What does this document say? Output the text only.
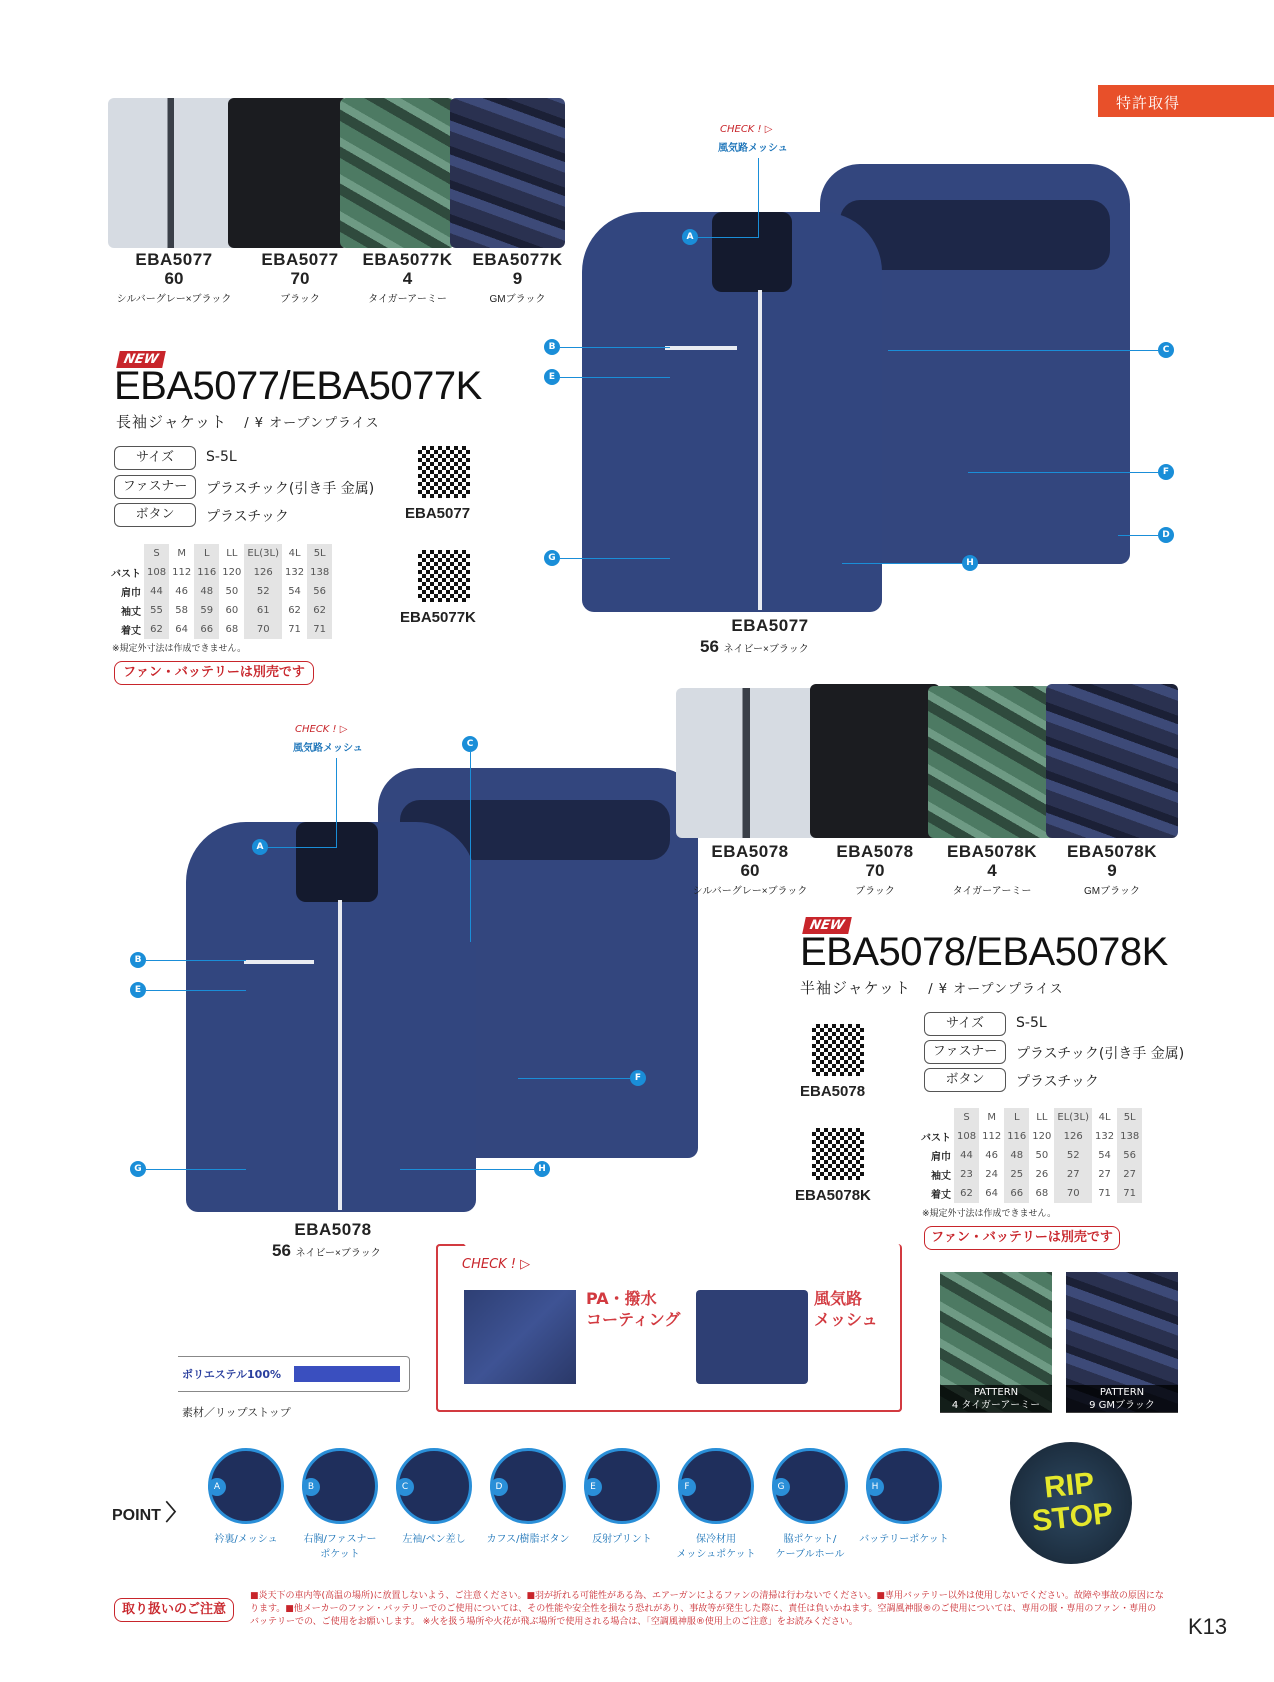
特許取得
EBA5077
60
シルバーグレー×ブラック
EBA5077
70
ブラック
EBA5077K
4
タイガーアーミー
EBA5077K
9
GMブラック
NEW
EBA5077/EBA5077K
長袖ジャケット / ¥ オープンプライス
サイズ	S-5L
ファスナー	プラスチック(引き手 金属)
ボタン	プラスチック	EBA5077
EBA5077K
	S	M	L	LL	EL(3L)	4L	5L
バスト	108	112	116	120	126	132	138
肩巾	44	46	48	50	52	54	56
袖丈	55	58	59	60	61	62	62
着丈	62	64	66	68	70	71	71
※規定外寸法は作成できません。
ファン・バッテリーは別売です
CHECK ! ▷
風気路メッシュ
A
B
E
C
F
D
G	H
EBA5077
56 ネイビー×ブラック
CHECK ! ▷
風気路メッシュ
A
C
B
E
F
G	H
EBA5078
56 ネイビー×ブラック
EBA5078
60
シルバーグレー×ブラック
EBA5078
70
ブラック
EBA5078K
4
タイガーアーミー
EBA5078K
9
GMブラック
NEW
EBA5078/EBA5078K
半袖ジャケット / ¥ オープンプライス
EBA5078
EBA5078K
サイズ	S-5L
ファスナー	プラスチック(引き手 金属)
ボタン	プラスチック
	S	M	L	LL	EL(3L)	4L	5L
バスト	108	112	116	120	126	132	138
肩巾	44	46	48	50	52	54	56
袖丈	23	24	25	26	27	27	27
着丈	62	64	66	68	70	71	71
※規定外寸法は作成できません。
ファン・バッテリーは別売です
CHECK ! ▷
PA・撥水
コーティング
風気路
メッシュ
ポリエステル100%
素材／リップストップ
PATTERN
4 タイガーアーミー
PATTERN
9 GMブラック
POINT 〉
A
衿裏/メッシュ
B
右胸/ファスナー
ポケット
C
左袖/ペン差し
D
カフス/樹脂ボタン
E
反射プリント
F
保冷材用
メッシュポケット
G
脇ポケット/
ケーブルホール
H
バッテリーポケット
RIP STOP
取り扱いのご注意
■炎天下の車内等(高温の場所)に放置しないよう、ご注意ください。■羽が折れる可能性がある為、エアーガンによるファンの清掃は行わないでください。■専用バッテリー以外は使用しないでください。故障や事故の原因になります。■他メーカーのファン・バッテリーでのご使用については、その性能や安全性を損なう恐れがあり、事故等が発生した際に、責任は負いかねます。空調風神服®のご使用については、専用の服・専用のファン・専用のバッテリーでの、ご使用をお願いします。 ※火を扱う場所や火花が飛ぶ場所で使用される場合は、「空調風神服®使用上のご注意」をお読みください。	K13
